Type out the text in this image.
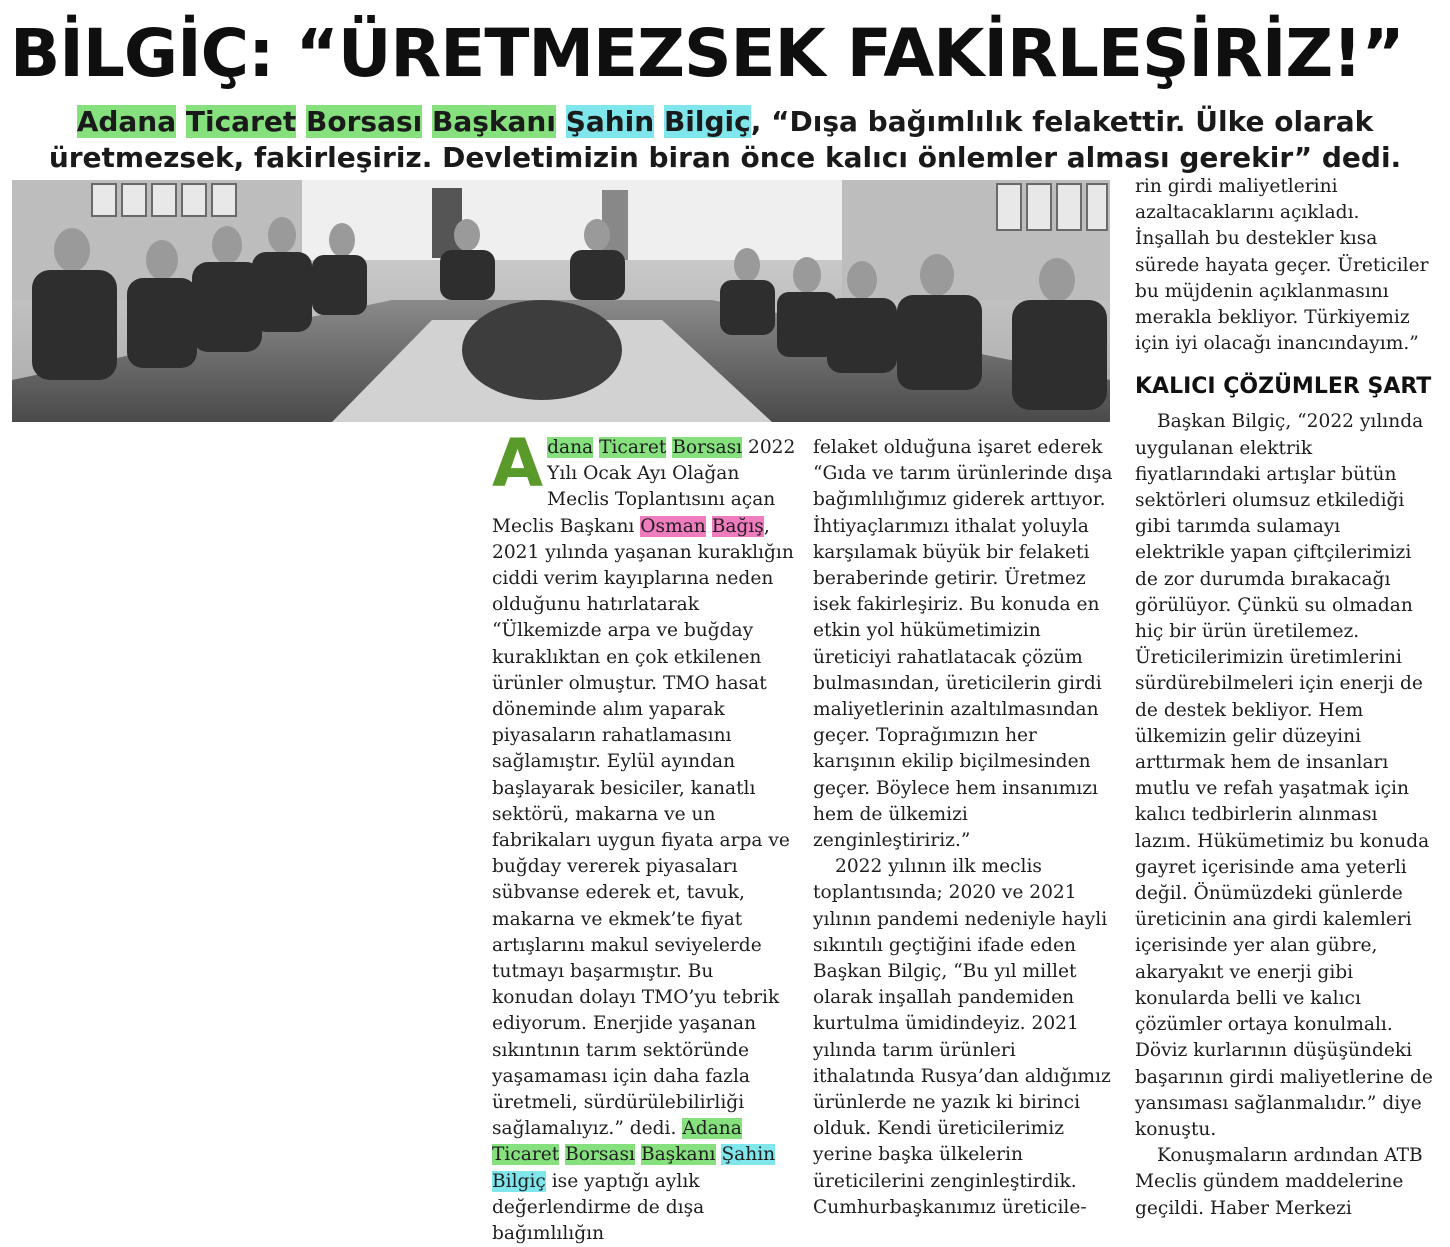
BİLGİÇ: “ÜRETMEZSEK FAKİRLEŞİRİZ!”
Adana Ticaret Borsası Başkanı Şahin Bilgiç, “Dışa bağımlılık felakettir. Ülke olarak üretmezsek, fakirleşiriz. Devletimizin biran önce kalıcı önlemler alması gerekir” dedi.

Adana Ticaret Borsası 2022 Yılı Ocak Ayı Olağan Meclis Toplantısını açan Meclis Başkanı Osman Bağış, 2021 yılında yaşanan kuraklığın ciddi verim kayıplarına neden olduğunu hatırlatarak “Ülkemizde arpa ve buğday kuraklıktan en çok etkilenen ürünler olmuştur. TMO hasat döneminde alım yaparak piyasaların rahatlamasını sağlamıştır. Eylül ayından başlayarak besiciler, kanatlı sektörü, makarna ve un fabrikaları uygun fiyata arpa ve buğday vererek piyasaları sübvanse ederek et, tavuk, makarna ve ekmek’te fiyat artışlarını makul seviyelerde tutmayı başarmıştır. Bu konudan dolayı TMO’yu tebrik ediyorum. Enerjide yaşanan sıkıntının tarım sektöründe yaşamaması için daha fazla üretmeli, sürdürülebilirliği sağlamalıyız.” dedi. Adana Ticaret Borsası Başkanı Şahin Bilgiç ise yaptığı aylık değerlendirme de dışa bağımlılığın

felaket olduğuna işaret ederek “Gıda ve tarım ürünlerinde dışa bağımlılığımız giderek arttıyor. İhtiyaçlarımızı ithalat yoluyla karşılamak büyük bir felaketi beraberinde getirir. Üretmez isek fakirleşiriz. Bu konuda en etkin yol hükümetimizin üreticiyi rahatlatacak çözüm bulmasından, üreticilerin girdi maliyetlerinin azaltılmasından geçer. Toprağımızın her karışının ekilip biçilmesinden geçer. Böylece hem insanımızı hem de ülkemizi zenginleştiririz.”

2022 yılının ilk meclis toplantısında; 2020 ve 2021 yılının pandemi nedeniyle hayli sıkıntılı geçtiğini ifade eden Başkan Bilgiç, “Bu yıl millet olarak inşallah pandemiden kurtulma ümidindeyiz. 2021 yılında tarım ürünleri ithalatında Rusya’dan aldığımız ürünlerde ne yazık ki birinci olduk. Kendi üreticilerimiz yerine başka ülkelerin üreticilerini zenginleştirdik. Cumhurbaşkanımız üreticile-

rin girdi maliyetlerini azaltacaklarını açıkladı. İnşallah bu destekler kısa sürede hayata geçer. Üreticiler bu müjdenin açıklanmasını merakla bekliyor. Türkiyemiz için iyi olacağı inancındayım.”

KALICI ÇÖZÜMLER ŞART

Başkan Bilgiç, “2022 yılında uygulanan elektrik fiyatlarındaki artışlar bütün sektörleri olumsuz etkilediği gibi tarımda sulamayı elektrikle yapan çiftçilerimizi de zor durumda bırakacağı görülüyor. Çünkü su olmadan hiç bir ürün üretilemez. Üreticilerimizin üretimlerini sürdürebilmeleri için enerji de de destek bekliyor. Hem ülkemizin gelir düzeyini arttırmak hem de insanları mutlu ve refah yaşatmak için kalıcı tedbirlerin alınması lazım. Hükümetimiz bu konuda gayret içerisinde ama yeterli değil. Önümüzdeki günlerde üreticinin ana girdi kalemleri içerisinde yer alan gübre, akaryakıt ve enerji gibi konularda belli ve kalıcı çözümler ortaya konulmalı. Döviz kurlarının düşüşündeki başarının girdi maliyetlerine de yansıması sağlanmalıdır.” diye konuştu.

Konuşmaların ardından ATB Meclis gündem maddelerine geçildi. Haber Merkezi
